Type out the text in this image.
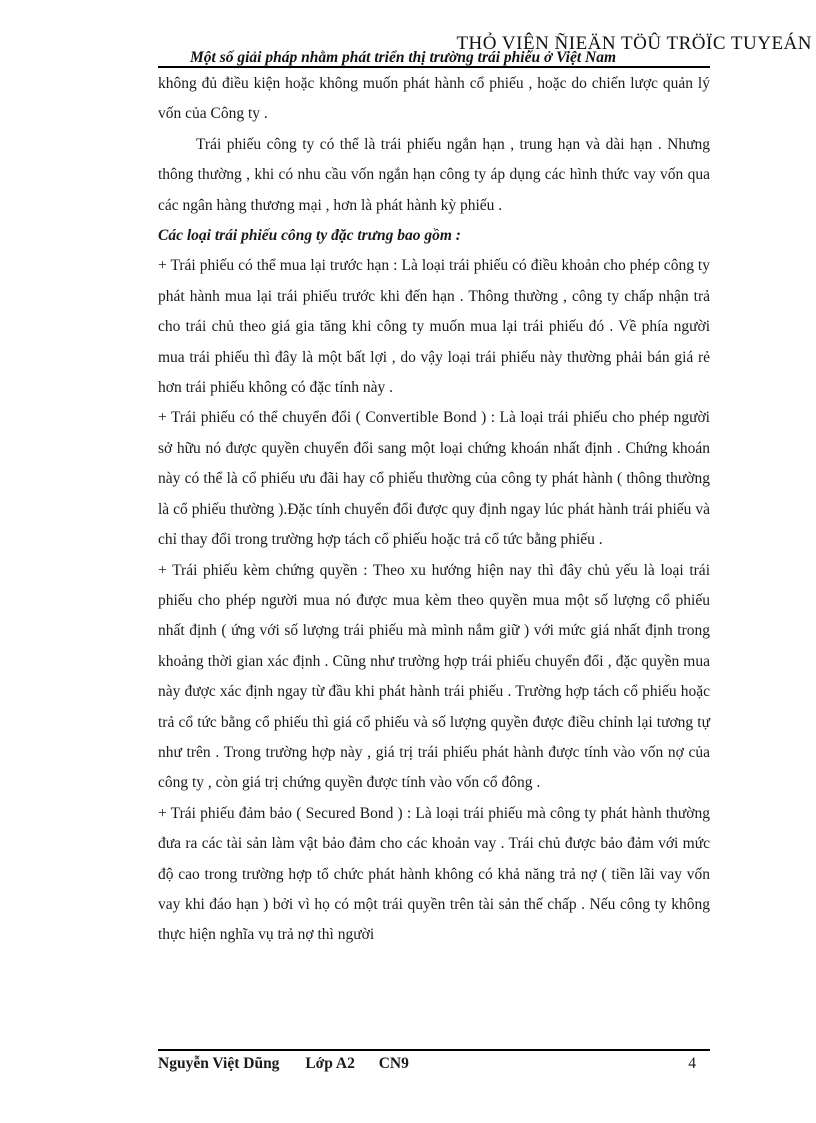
THỎ VIỆN ÑIEÄN TÖÛ TRÖÏC TUYEÁN
Một số giải pháp nhằm phát triển thị trường trái phiếu ở Việt Nam

không đủ điều kiện hoặc không muốn phát hành cổ phiếu , hoặc do chiến lược quản lý vốn của Công ty .

Trái phiếu công ty có thể là trái phiếu ngắn hạn , trung hạn và dài hạn . Nhưng thông thường , khi có nhu cầu vốn ngắn hạn công ty áp dụng các hình thức vay vốn qua các ngân hàng thương mại , hơn là phát hành kỳ phiếu .

Các loại trái phiếu công ty đặc trưng bao gồm :

+ Trái phiếu có thể mua lại trước hạn : Là loại trái phiếu có điều khoản cho phép công ty phát hành mua lại trái phiếu trước khi đến hạn . Thông thường , công ty chấp nhận trả cho trái chủ theo giá gia tăng khi công ty muốn mua lại trái phiếu đó . Về phía người mua trái phiếu thì đây là một bất lợi , do vậy loại trái phiếu này thường phải bán giá rẻ hơn trái phiếu không có đặc tính này .

+ Trái phiếu có thể chuyển đổi ( Convertible Bond ) : Là loại trái phiếu cho phép người sở hữu nó được quyền chuyển đổi sang một loại chứng khoán nhất định . Chứng khoán này có thể là cổ phiếu ưu đãi hay cổ phiếu thường của công ty phát hành ( thông thường là cổ phiếu thường ).Đặc tính chuyển đổi được quy định ngay lúc phát hành trái phiếu và chỉ thay đổi trong trường hợp tách cổ phiếu hoặc trả cổ tức bằng phiếu .

+ Trái phiếu kèm chứng quyền : Theo xu hướng hiện nay thì đây chủ yếu là loại trái phiếu cho phép người mua nó được mua kèm theo quyền mua một số lượng cổ phiếu nhất định ( ứng với số lượng trái phiếu mà mình nắm giữ ) với mức giá nhất định trong khoảng thời gian xác định . Cũng như trường hợp trái phiếu chuyển đổi , đặc quyền mua này được xác định ngay từ đầu khi phát hành trái phiếu . Trường hợp tách cổ phiếu hoặc trả cổ tức bằng cổ phiếu thì giá cổ phiếu và số lượng quyền được điều chỉnh lại tương tự như trên . Trong trường hợp này , giá trị trái phiếu phát hành được tính vào vốn nợ của công ty , còn giá trị chứng quyền được tính vào vốn cổ đông .

+ Trái phiếu đảm bảo ( Secured Bond ) : Là loại trái phiếu mà công ty phát hành thường đưa ra các tài sản làm vật bảo đảm cho các khoản vay . Trái chủ được bảo đảm với mức độ cao trong trường hợp tổ chức phát hành không có khả năng trả nợ ( tiền lãi vay vốn vay khi đáo hạn ) bởi vì họ có một trái quyền trên tài sản thế chấp . Nếu công ty không thực hiện nghĩa vụ trả nợ thì người

Nguyễn Việt Dũng Lớp A2 CN9	4
